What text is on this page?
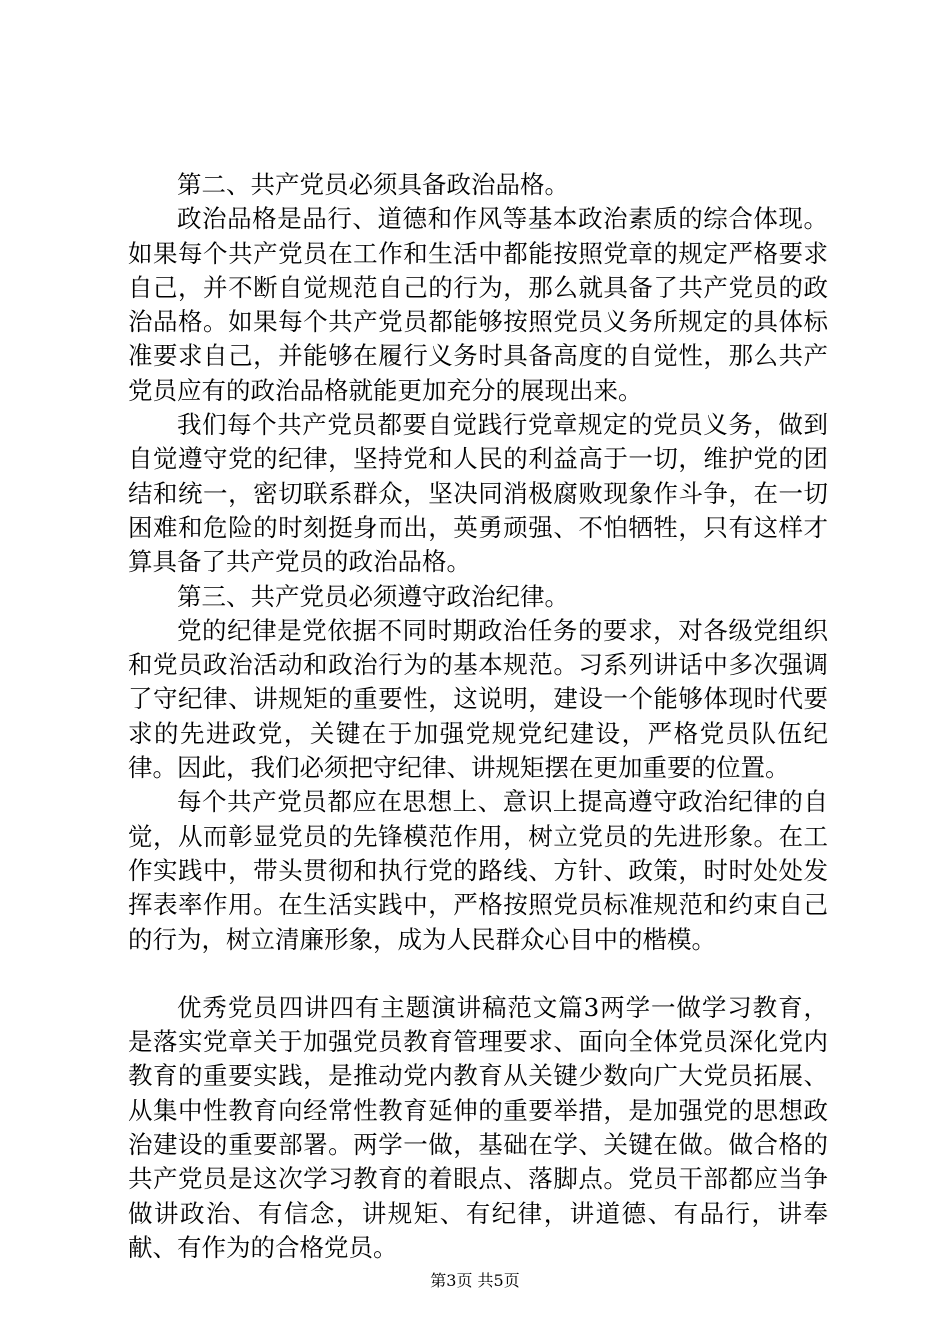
第二、共产党员必须具备政治品格。

政治品格是品行、道德和作风等基本政治素质的综合体现。如果每个共产党员在工作和生活中都能按照党章的规定严格要求自己，并不断自觉规范自己的行为，那么就具备了共产党员的政治品格。如果每个共产党员都能够按照党员义务所规定的具体标准要求自己，并能够在履行义务时具备高度的自觉性，那么共产党员应有的政治品格就能更加充分的展现出来。

我们每个共产党员都要自觉践行党章规定的党员义务，做到自觉遵守党的纪律，坚持党和人民的利益高于一切，维护党的团结和统一，密切联系群众，坚决同消极腐败现象作斗争，在一切困难和危险的时刻挺身而出，英勇顽强、不怕牺牲，只有这样才算具备了共产党员的政治品格。

第三、共产党员必须遵守政治纪律。

党的纪律是党依据不同时期政治任务的要求，对各级党组织和党员政治活动和政治行为的基本规范。习系列讲话中多次强调了守纪律、讲规矩的重要性，这说明，建设一个能够体现时代要求的先进政党，关键在于加强党规党纪建设，严格党员队伍纪律。因此，我们必须把守纪律、讲规矩摆在更加重要的位置。

每个共产党员都应在思想上、意识上提高遵守政治纪律的自觉，从而彰显党员的先锋模范作用，树立党员的先进形象。在工作实践中，带头贯彻和执行党的路线、方针、政策，时时处处发挥表率作用。在生活实践中，严格按照党员标准规范和约束自己的行为，树立清廉形象，成为人民群众心目中的楷模。

优秀党员四讲四有主题演讲稿范文篇3两学一做学习教育，是落实党章关于加强党员教育管理要求、面向全体党员深化党内教育的重要实践，是推动党内教育从关键少数向广大党员拓展、从集中性教育向经常性教育延伸的重要举措，是加强党的思想政治建设的重要部署。两学一做，基础在学、关键在做。做合格的共产党员是这次学习教育的着眼点、落脚点。党员干部都应当争做讲政治、有信念，讲规矩、有纪律，讲道德、有品行，讲奉献、有作为的合格党员。

第3页 共5页
